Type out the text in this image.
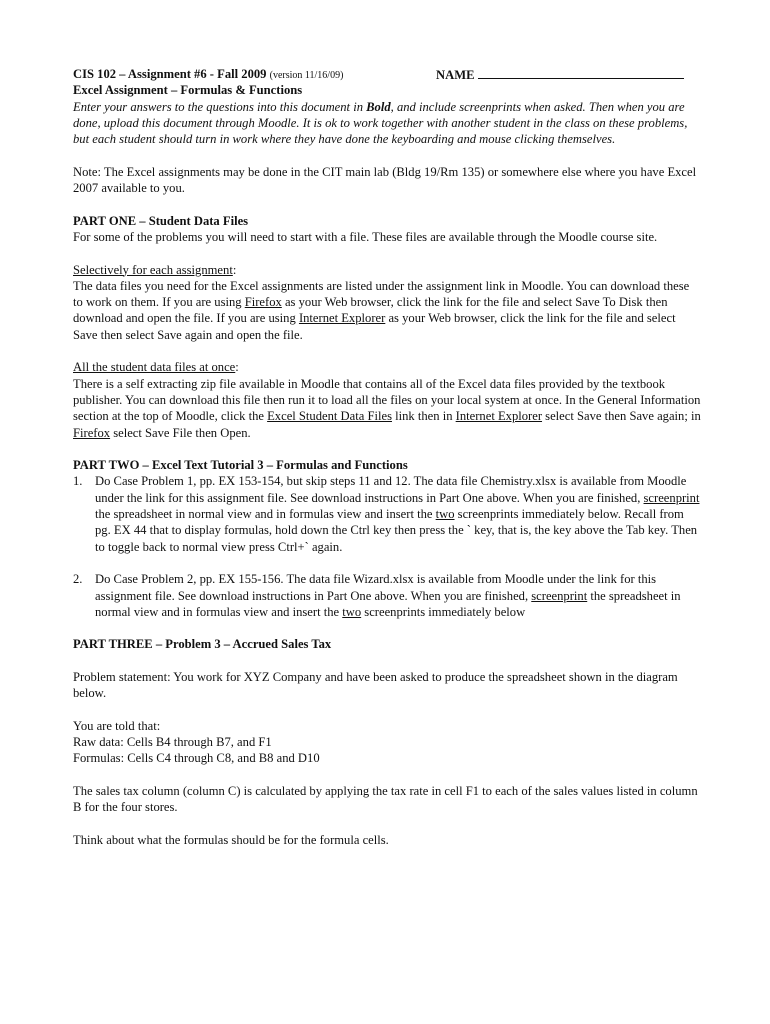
CIS 102 – Assignment #6 - Fall 2009 (version 11/16/09)	NAME

Excel Assignment – Formulas & Functions

Enter your answers to the questions into this document in Bold, and include screenprints when asked. Then when you are done, upload this document through Moodle. It is ok to work together with another student in the class on these problems, but each student should turn in work where they have done the keyboarding and mouse clicking themselves.

Note: The Excel assignments may be done in the CIT main lab (Bldg 19/Rm 135) or somewhere else where you have Excel 2007 available to you.

PART ONE – Student Data Files

For some of the problems you will need to start with a file. These files are available through the Moodle course site.

Selectively for each assignment:

The data files you need for the Excel assignments are listed under the assignment link in Moodle. You can download these to work on them. If you are using Firefox as your Web browser, click the link for the file and select Save To Disk then download and open the file. If you are using Internet Explorer as your Web browser, click the link for the file and select Save then select Save again and open the file.

All the student data files at once:

There is a self extracting zip file available in Moodle that contains all of the Excel data files provided by the textbook publisher. You can download this file then run it to load all the files on your local system at once. In the General Information section at the top of Moodle, click the Excel Student Data Files link then in Internet Explorer select Save then Save again; in Firefox select Save File then Open.

PART TWO – Excel Text Tutorial 3 – Formulas and Functions

1. Do Case Problem 1, pp. EX 153-154, but skip steps 11 and 12. The data file Chemistry.xlsx is available from Moodle under the link for this assignment file. See download instructions in Part One above. When you are finished, screenprint the spreadsheet in normal view and in formulas view and insert the two screenprints immediately below. Recall from pg. EX 44 that to display formulas, hold down the Ctrl key then press the ` key, that is, the key above the Tab key. Then to toggle back to normal view press Ctrl+` again.
2. Do Case Problem 2, pp. EX 155-156. The data file Wizard.xlsx is available from Moodle under the link for this assignment file. See download instructions in Part One above. When you are finished, screenprint the spreadsheet in normal view and in formulas view and insert the two screenprints immediately below

PART THREE – Problem 3 – Accrued Sales Tax

Problem statement: You work for XYZ Company and have been asked to produce the spreadsheet shown in the diagram below.

You are told that:

Raw data: Cells B4 through B7, and F1

Formulas: Cells C4 through C8, and B8 and D10

The sales tax column (column C) is calculated by applying the tax rate in cell F1 to each of the sales values listed in column B for the four stores.

Think about what the formulas should be for the formula cells.
